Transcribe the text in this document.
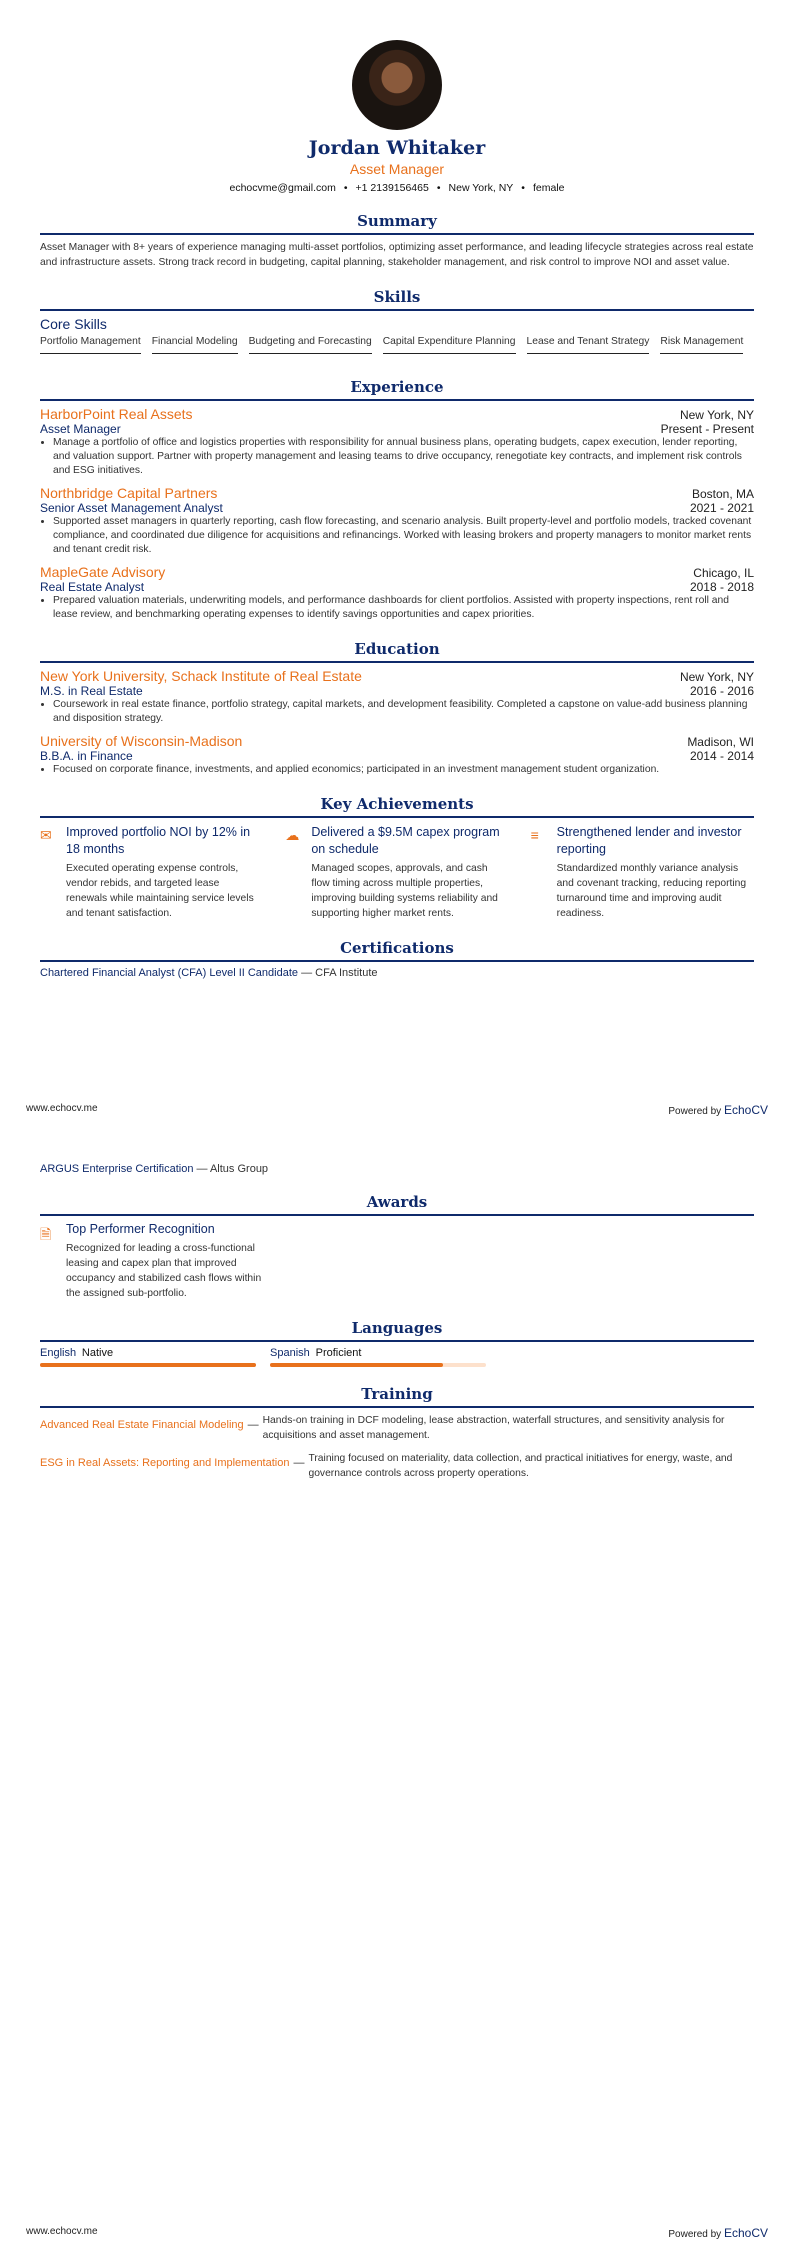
Jordan Whitaker
Asset Manager
echocvme@gmail.com • +1 2139156465 • New York, NY • female
Summary
Asset Manager with 8+ years of experience managing multi-asset portfolios, optimizing asset performance, and leading lifecycle strategies across real estate and infrastructure assets. Strong track record in budgeting, capital planning, stakeholder management, and risk control to improve NOI and asset value.
Skills
Core Skills
Portfolio Management Financial Modeling Budgeting and Forecasting Capital Expenditure Planning Lease and Tenant Strategy Risk Management
Experience
HarborPoint Real Assets	New York, NY
Asset Manager	Present - Present
• Manage a portfolio of office and logistics properties with responsibility for annual business plans, operating budgets, capex execution, lender reporting, and valuation support. Partner with property management and leasing teams to drive occupancy, renegotiate key contracts, and implement risk controls and ESG initiatives.
Northbridge Capital Partners	Boston, MA
Senior Asset Management Analyst	2021 - 2021
• Supported asset managers in quarterly reporting, cash flow forecasting, and scenario analysis. Built property-level and portfolio models, tracked covenant compliance, and coordinated due diligence for acquisitions and refinancings. Worked with leasing brokers and property managers to monitor market rents and tenant credit risk.
MapleGate Advisory	Chicago, IL
Real Estate Analyst	2018 - 2018
• Prepared valuation materials, underwriting models, and performance dashboards for client portfolios. Assisted with property inspections, rent roll and lease review, and benchmarking operating expenses to identify savings opportunities and capex priorities.
Education
New York University, Schack Institute of Real Estate	New York, NY
M.S. in Real Estate	2016 - 2016
• Coursework in real estate finance, portfolio strategy, capital markets, and development feasibility. Completed a capstone on value-add business planning and disposition strategy.
University of Wisconsin-Madison	Madison, WI
B.B.A. in Finance	2014 - 2014
• Focused on corporate finance, investments, and applied economics; participated in an investment management student organization.
Key Achievements
✉ Improved portfolio NOI by 12% in 18 months
Executed operating expense controls, vendor rebids, and targeted lease renewals while maintaining service levels and tenant satisfaction.
☁ Delivered a $9.5M capex program on schedule
Managed scopes, approvals, and cash flow timing across multiple properties, improving building systems reliability and supporting higher market rents.
≡	Strengthened lender and investor reporting
Standardized monthly variance analysis and covenant tracking, reducing reporting turnaround time and improving audit readiness.
Certifications
Chartered Financial Analyst (CFA) Level II Candidate — CFA Institute
www.echocv.me	Powered by EchoCV
ARGUS Enterprise Certification — Altus Group
Awards
🗎 Top Performer Recognition
Recognized for leading a cross-functional leasing and capex plan that improved occupancy and stabilized cash flows within the assigned sub-portfolio.
Languages
English Native	Spanish Proficient
Training
Advanced Real Estate Financial Modeling — Hands-on training in DCF modeling, lease abstraction, waterfall structures, and sensitivity analysis for acquisitions and asset management.
ESG in Real Assets: Reporting and Implementation — Training focused on materiality, data collection, and practical initiatives for energy, waste, and governance controls across property operations.
www.echocv.me	Powered by EchoCV
